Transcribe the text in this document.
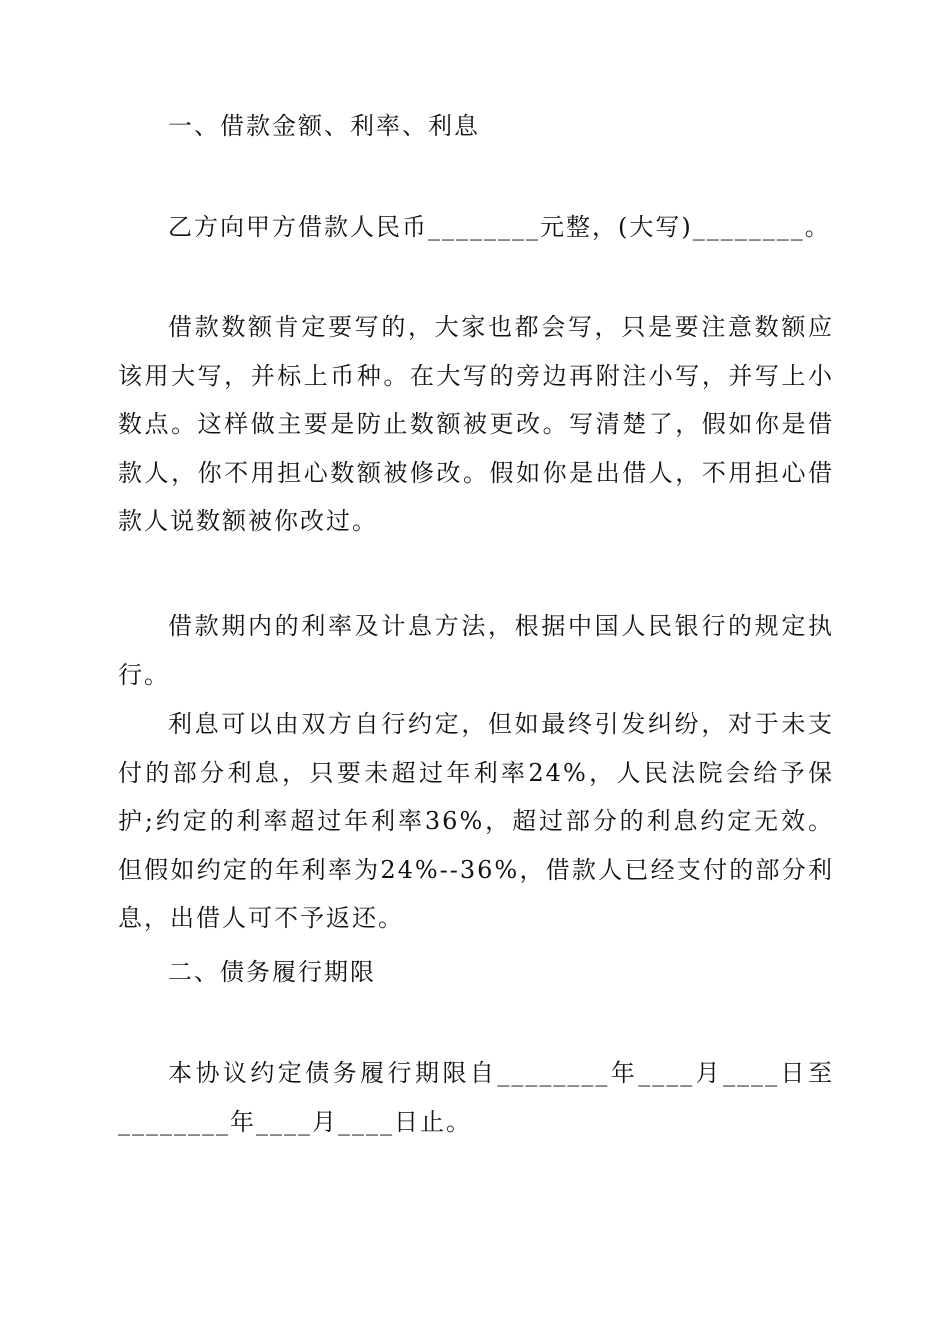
一、借款金额、利率、利息

乙方向甲方借款人民币________元整，(大写)________。

借款数额肯定要写的，大家也都会写，只是要注意数额应该用大写，并标上币种。在大写的旁边再附注小写，并写上小数点。这样做主要是防止数额被更改。写清楚了，假如你是借款人，你不用担心数额被修改。假如你是出借人，不用担心借款人说数额被你改过。

借款期内的利率及计息方法，根据中国人民银行的规定执行。

利息可以由双方自行约定，但如最终引发纠纷，对于未支付的部分利息，只要未超过年利率24%，人民法院会给予保护;约定的利率超过年利率36%，超过部分的利息约定无效。但假如约定的年利率为24%--36%，借款人已经支付的部分利息，出借人可不予返还。

二、债务履行期限

本协议约定债务履行期限自________年____月____日至________年____月____日止。
